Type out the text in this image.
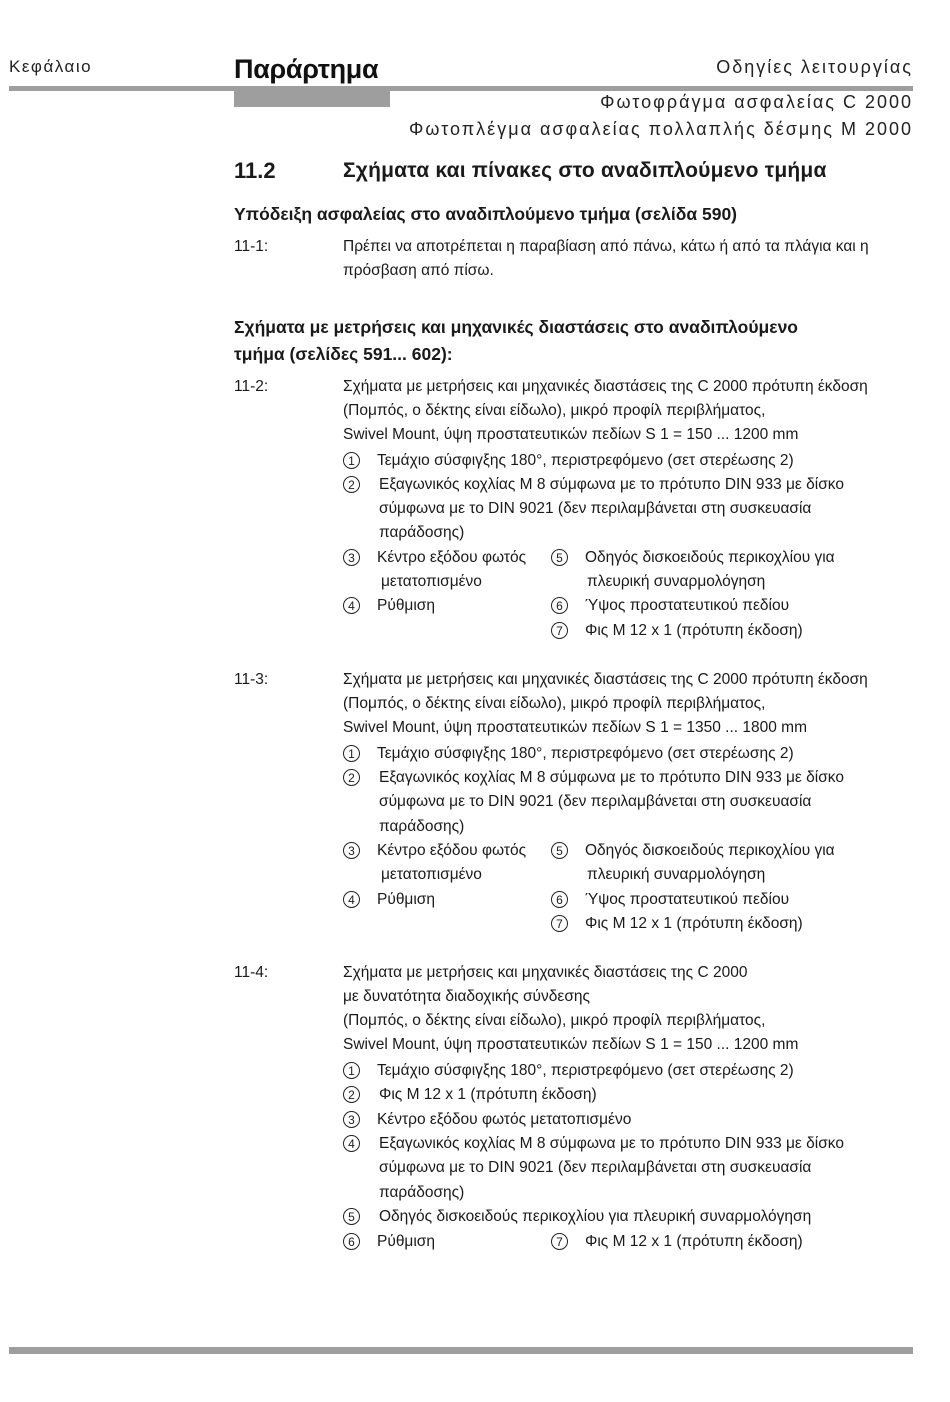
Κεφάλαιο	Παράρτημα	Οδηγίες λειτουργίας
Φωτοφράγμα ασφαλείας C 2000
Φωτοπλέγμα ασφαλείας πολλαπλής δέσμης M 2000
11.2	Σχήματα και πίνακες στο αναδιπλούμενο τμήμα
Υπόδειξη ασφαλείας στο αναδιπλούμενο τμήμα (σελίδα 590)
11-1:	Πρέπει να αποτρέπεται η παραβίαση από πάνω, κάτω ή από τα πλάγια και η
πρόσβαση από πίσω.
Σχήματα με μετρήσεις και μηχανικές διαστάσεις στο αναδιπλούμενο
τμήμα (σελίδες 591... 602):
11-2:	Σχήματα με μετρήσεις και μηχανικές διαστάσεις της C 2000 πρότυπη έκδοση
(Πομπός, ο δέκτης είναι είδωλο), μικρό προφίλ περιβλήματος,
Swivel Mount, ύψη προστατευτικών πεδίων S 1 = 150 ... 1200 mm
1	Τεμάχιο σύσφιγξης 180°, περιστρεφόμενο (σετ στερέωσης 2)
2	Εξαγωνικός κοχλίας M 8 σύμφωνα με το πρότυπο DIN 933 με δίσκο
σύμφωνα με το DIN 9021 (δεν περιλαμβάνεται στη συσκευασία
παράδοσης)
3	Κέντρο εξόδου φωτός
μετατοπισμένο
4	Ρύθμιση
5	Οδηγός δισκοειδούς περικοχλίου για
πλευρική συναρμολόγηση
6	Ύψος προστατευτικού πεδίου
7	Φις M 12 x 1 (πρότυπη έκδοση)
11-3:	Σχήματα με μετρήσεις και μηχανικές διαστάσεις της C 2000 πρότυπη έκδοση
(Πομπός, ο δέκτης είναι είδωλο), μικρό προφίλ περιβλήματος,
Swivel Mount, ύψη προστατευτικών πεδίων S 1 = 1350 ... 1800 mm
1	Τεμάχιο σύσφιγξης 180°, περιστρεφόμενο (σετ στερέωσης 2)
2	Εξαγωνικός κοχλίας M 8 σύμφωνα με το πρότυπο DIN 933 με δίσκο
σύμφωνα με το DIN 9021 (δεν περιλαμβάνεται στη συσκευασία
παράδοσης)
3	Κέντρο εξόδου φωτός
μετατοπισμένο
4	Ρύθμιση
5	Οδηγός δισκοειδούς περικοχλίου για
πλευρική συναρμολόγηση
6	Ύψος προστατευτικού πεδίου
7	Φις M 12 x 1 (πρότυπη έκδοση)
11-4:	Σχήματα με μετρήσεις και μηχανικές διαστάσεις της C 2000
με δυνατότητα διαδοχικής σύνδεσης
(Πομπός, ο δέκτης είναι είδωλο), μικρό προφίλ περιβλήματος,
Swivel Mount, ύψη προστατευτικών πεδίων S 1 = 150 ... 1200 mm
1	Τεμάχιο σύσφιγξης 180°, περιστρεφόμενο (σετ στερέωσης 2)
2	Φις M 12 x 1 (πρότυπη έκδοση)
3	Κέντρο εξόδου φωτός μετατοπισμένο
4	Εξαγωνικός κοχλίας M 8 σύμφωνα με το πρότυπο DIN 933 με δίσκο
σύμφωνα με το DIN 9021 (δεν περιλαμβάνεται στη συσκευασία
παράδοσης)
5	Οδηγός δισκοειδούς περικοχλίου για πλευρική συναρμολόγηση
6	Ρύθμιση	7	Φις M 12 x 1 (πρότυπη έκδοση)
